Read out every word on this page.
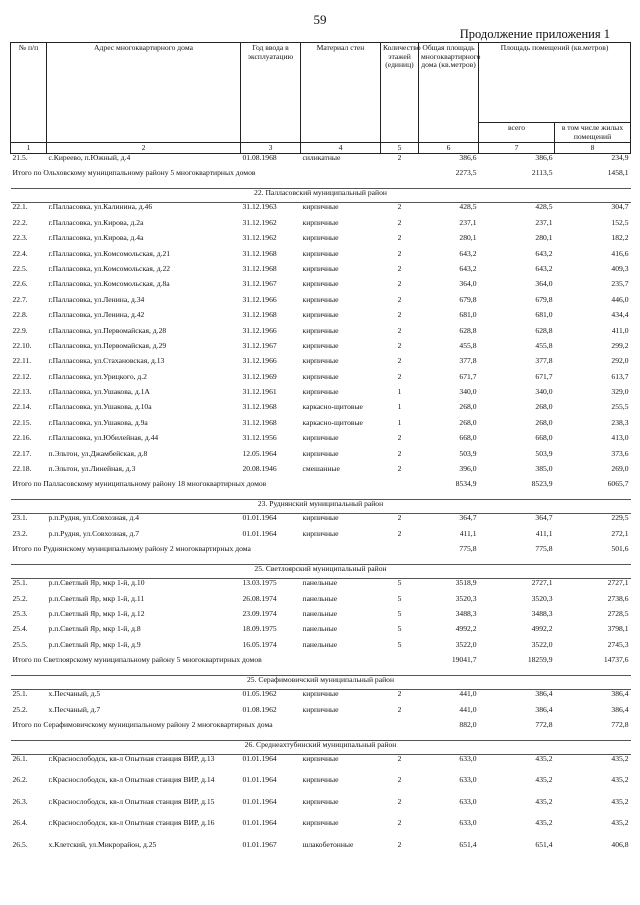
59
Продолжение приложения 1
№ п/п	Адрес многоквартирного дома	Год ввода в эксплуатацию	Материал стен	Количество этажей (единиц)	Общая площадь многоквартирного дома (кв.метров)	Площадь помещений (кв.метров)	
						всего	в том числе жилых помещений
1	2	3	4	5	6	7	8
21.5.	с.Киреево, п.Южный, д.4	01.08.1968	силикатные	2	386,6	386,6	234,9
Итого по Ольховскому муниципальному району 5 многоквартирных домов					2273,5	2113,5	1458,1
22. Палласовский муниципальный район							
22.1.	г.Палласовка, ул.Калинина, д.46	31.12.1963	кирпичные	2	428,5	428,5	304,7
22.2.	г.Палласовка, ул.Кирова, д.2а	31.12.1962	кирпичные	2	237,1	237,1	152,5
22.3.	г.Палласовка, ул.Кирова, д.4а	31.12.1962	кирпичные	2	280,1	280,1	182,2
22.4.	г.Палласовка, ул.Комсомольская, д.21	31.12.1968	кирпичные	2	643,2	643,2	416,6
22.5.	г.Палласовка, ул.Комсомольская, д.22	31.12.1968	кирпичные	2	643,2	643,2	409,3
22.6.	г.Палласовка, ул.Комсомольская, д.8а	31.12.1967	кирпичные	2	364,0	364,0	235,7
22.7.	г.Палласовка, ул.Ленина, д.34	31.12.1966	кирпичные	2	679,8	679,8	446,0
22.8.	г.Палласовка, ул.Ленина, д.42	31.12.1968	кирпичные	2	681,0	681,0	434,4
22.9.	г.Палласовка, ул.Первомайская, д.28	31.12.1966	кирпичные	2	628,8	628,8	411,0
22.10.	г.Палласовка, ул.Первомайская, д.29	31.12.1967	кирпичные	2	455,8	455,8	299,2
22.11.	г.Палласовка, ул.Стахановская, д.13	31.12.1966	кирпичные	2	377,8	377,8	292,0
22.12.	г.Палласовка, ул.Урицкого, д.2	31.12.1969	кирпичные	2	671,7	671,7	613,7
22.13.	г.Палласовка, ул.Ушакова, д.1А	31.12.1961	кирпичные	1	340,0	340,0	329,0
22.14.	г.Палласовка, ул.Ушакова, д.10а	31.12.1968	каркасно-щитовые	1	268,0	268,0	255,5
22.15.	г.Палласовка, ул.Ушакова, д.9а	31.12.1968	каркасно-щитовые	1	268,0	268,0	238,3
22.16.	г.Палласовка, ул.Юбилейная, д.44	31.12.1956	кирпичные	2	668,0	668,0	413,0
22.17.	п.Эльтон, ул.Джамбейская, д.8	12.05.1964	кирпичные	2	503,9	503,9	373,6
22.18.	п.Эльтон, ул.Линейная, д.3	20.08.1946	смешанные	2	396,0	385,0	269,0
Итого по Палласовскому муниципальному району 18 многоквартирных домов					8534,9	8523,9	6065,7
23. Руднянский муниципальный район							
23.1.	р.п.Рудня, ул.Совхозная, д.4	01.01.1964	кирпичные	2	364,7	364,7	229,5
23.2.	р.п.Рудня, ул.Совхозная, д.7	01.01.1964	кирпичные	2	411,1	411,1	272,1
Итого по Руднянскому муниципальному району 2 многоквартирных дома					775,8	775,8	501,6
25. Светлоярский муниципальный район							
25.1.	р.п.Светлый Яр, мкр 1-й, д.10	13.03.1975	панельные	5	3518,9	2727,1	2727,1
25.2.	р.п.Светлый Яр, мкр 1-й, д.11	26.08.1974	панельные	5	3520,3	3520,3	2738,6
25.3.	р.п.Светлый Яр, мкр 1-й, д.12	23.09.1974	панельные	5	3488,3	3488,3	2728,5
25.4.	р.п.Светлый Яр, мкр 1-й, д.8	18.09.1975	панельные	5	4992,2	4992,2	3798,1
25.5.	р.п.Светлый Яр, мкр 1-й, д.9	16.05.1974	панельные	5	3522,0	3522,0	2745,3
Итого по Светлоярскому муниципальному району 5 многоквартирных домов					19041,7	18259,9	14737,6
25. Серафимовичский муниципальный район							
25.1.	х.Песчаный, д.5	01.05.1962	кирпичные	2	441,0	386,4	386,4
25.2.	х.Песчаный, д.7	01.08.1962	кирпичные	2	441,0	386,4	386,4
Итого по Серафимовичскому муниципальному району 2 многоквартирных дома					882,0	772,8	772,8
26. Среднеахтубинский муниципальный район							
26.1.	г.Краснослободск, кв-л Опытная станция ВИР, д.13	01.01.1964	кирпичные	2	633,0	435,2	435,2
26.2.	г.Краснослободск, кв-л Опытная станция ВИР, д.14	01.01.1964	кирпичные	2	633,0	435,2	435,2
26.3.	г.Краснослободск, кв-л Опытная станция ВИР, д.15	01.01.1964	кирпичные	2	633,0	435,2	435,2
26.4.	г.Краснослободск, кв-л Опытная станция ВИР, д.16	01.01.1964	кирпичные	2	633,0	435,2	435,2
26.5.	х.Клетский, ул.Микрорайон, д.25	01.01.1967	шлакобетонные	2	651,4	651,4	406,8
